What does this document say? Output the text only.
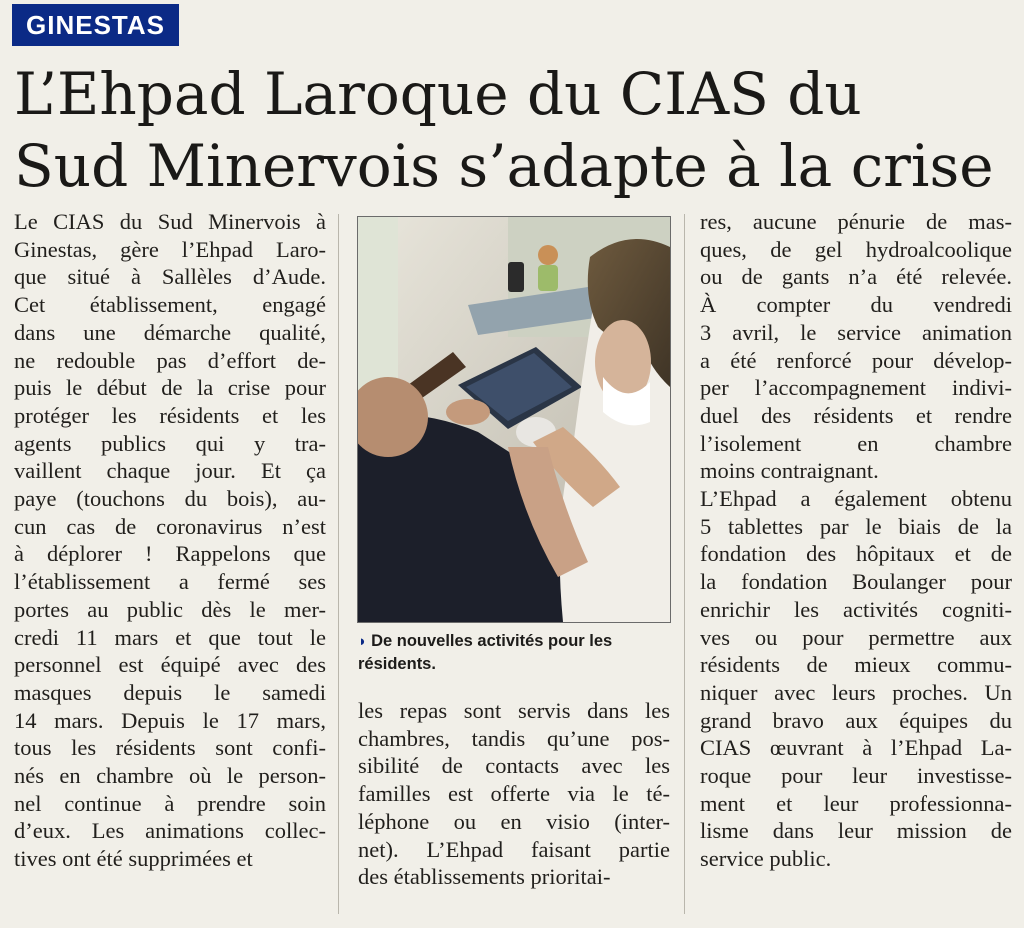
GINESTAS
L’Ehpad Laroque du CIAS du
Sud Minervois s’adapte à la crise
Le CIAS du Sud Minervois à
Ginestas, gère l’Ehpad Laro-
que situé à Sallèles d’Aude.
Cet établissement, engagé
dans une démarche qualité,
ne redouble pas d’effort de-
puis le début de la crise pour
protéger les résidents et les
agents publics qui y tra-
vaillent chaque jour. Et ça
paye (touchons du bois), au-
cun cas de coronavirus n’est
à déplorer ! Rappelons que
l’établissement a fermé ses
portes au public dès le mer-
credi 11 mars et que tout le
personnel est équipé avec des
masques depuis le samedi
14 mars. Depuis le 17 mars,
tous les résidents sont confi-
nés en chambre où le person-
nel continue à prendre soin
d’eux. Les animations collec-
tives ont été supprimées et
◗ De nouvelles activités pour les résidents.
les repas sont servis dans les
chambres, tandis qu’une pos-
sibilité de contacts avec les
familles est offerte via le té-
léphone ou en visio (inter-
net). L’Ehpad faisant partie
des établissements prioritai-
res, aucune pénurie de mas-
ques, de gel hydroalcoolique
ou de gants n’a été relevée.
À compter du vendredi
3 avril, le service animation
a été renforcé pour dévelop-
per l’accompagnement indivi-
duel des résidents et rendre
l’isolement en chambre
moins contraignant.
L’Ehpad a également obtenu
5 tablettes par le biais de la
fondation des hôpitaux et de
la fondation Boulanger pour
enrichir les activités cogniti-
ves ou pour permettre aux
résidents de mieux commu-
niquer avec leurs proches. Un
grand bravo aux équipes du
CIAS œuvrant à l’Ehpad La-
roque pour leur investisse-
ment et leur professionna-
lisme dans leur mission de
service public.
